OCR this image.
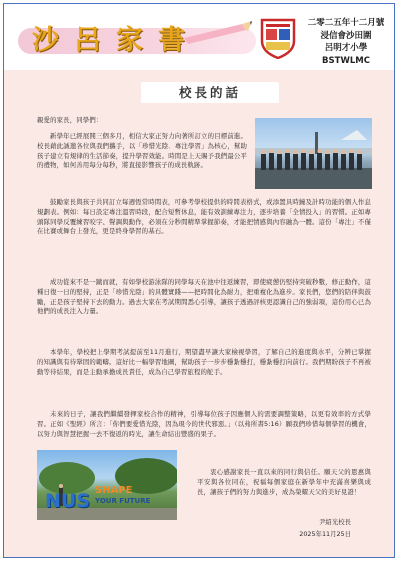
沙呂家書
二零二五年十二月號
浸信會沙田圍
呂明才小學
BSTWLMC
校長的話
親愛的家長，同學們：
新學年已經展開三個多月，相信大家正努力向著所訂立的目標前進。校長藉此誠邀各位與我們攜手，以「珍惜光陰．專注學習」為核心，幫助孩子建立有規律的生活節奏，提升學習效能。時間是上天賜予我們最公平的禮物，如何善用每分每秒，將直接影響孩子的成長軌跡。
鼓勵家長與孩子共同訂立每週恆常時間表，可參考學校提供的時間表格式，或添置具時鐘及計時功能的個人作息規劃表。例如：每日設定專注溫習時段，配合短暫休息，能有效訓練專注力，逐步培養「全情投入」的習慣。正如專頭隊同學反覆練習咬字、聲調與動作，必須在分秒間精準掌握節奏，才能把情感與內容融為一體。這份「專注」不僅在比賽或舞台上發光，更是終身學習的基石。
成功從來不是一蹴而就，有如學校游泳隊的同學每天在池中往返練習，即使疲憊仍堅持突破秒數，修正動作，這種日復一日的堅持，正是「珍惜光陰」的具體實踐——把時間化為耐力，把重複化為進步。家長們，您們的陪伴與鼓勵，正是孩子堅持下去的動力。過去大家在考試期間悉心引導，讓孩子透過評核更認識自己的強弱項，這份用心已為他們的成長注入力量。
本學年，學校把上學期考試提前至11月進行，期望盡早讓大家檢視學習，了解自己的進度與水平，分辨已掌握的知識與有待鞏固的範疇。這好比一幅學習地圖，幫助孩子一步步穩紮穩打，穩紮穩打向前行。我們期盼孩子不再被動等待結果，而是主動承擔成長責任，成為自己學習旅程的舵手。
未來的日子，讓我們繼續發揮家校合作的精神，引導每位孩子因應個人的需要調整策略，以更有效率的方式學習。正如《聖經》所言：「你們要愛惜光陰，因為現今的世代邪惡。」（以弗所書5:16）願我們珍惜每個學習的機會，以努力與智慧把握一去不復返的時光，讓生命結出豐盛的果子。
NUS SHAPE
YOUR FUTURE
衷心感謝家長一直以來的同行與信任。願天父的恩惠與平安與各位同在，祝福每個家庭在新學年中充滿喜樂與成長，讓孩子們的努力與進步，成為榮耀天父的美好見證！
尹紹光校長
2025年11月25日
